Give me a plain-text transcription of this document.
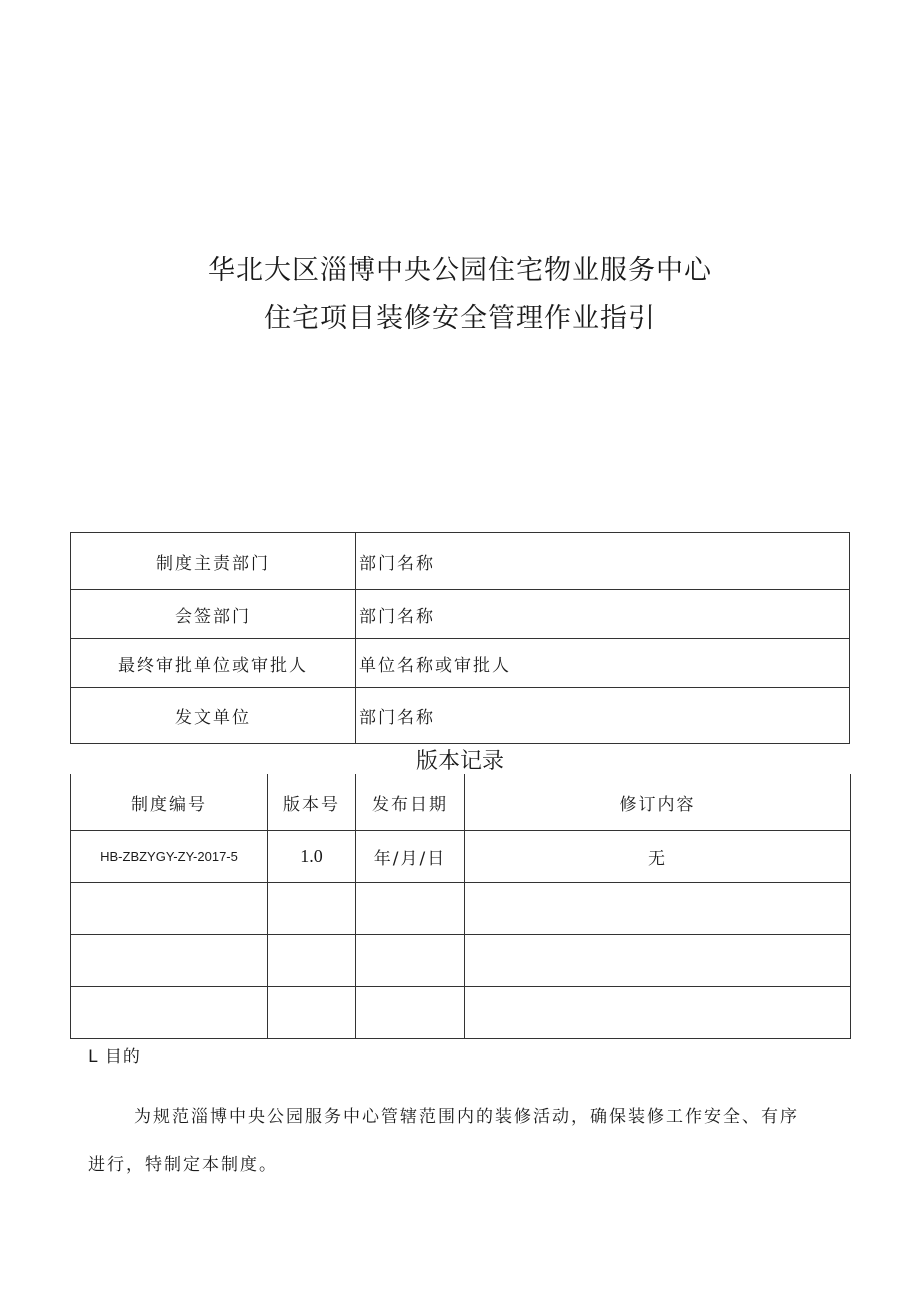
华北大区淄博中央公园住宅物业服务中心
住宅项目装修安全管理作业指引
制度主责部门	部门名称
会签部门	部门名称
最终审批单位或审批人	单位名称或审批人
发文单位	部门名称
版本记录
制度编号	版本号	发布日期	修订内容
HB-ZBZYGY-ZY-2017-5	1.0	年/月/日	无

L 目的
为规范淄博中央公园服务中心管辖范围内的装修活动，确保装修工作安全、有序进行，特制定本制度。
